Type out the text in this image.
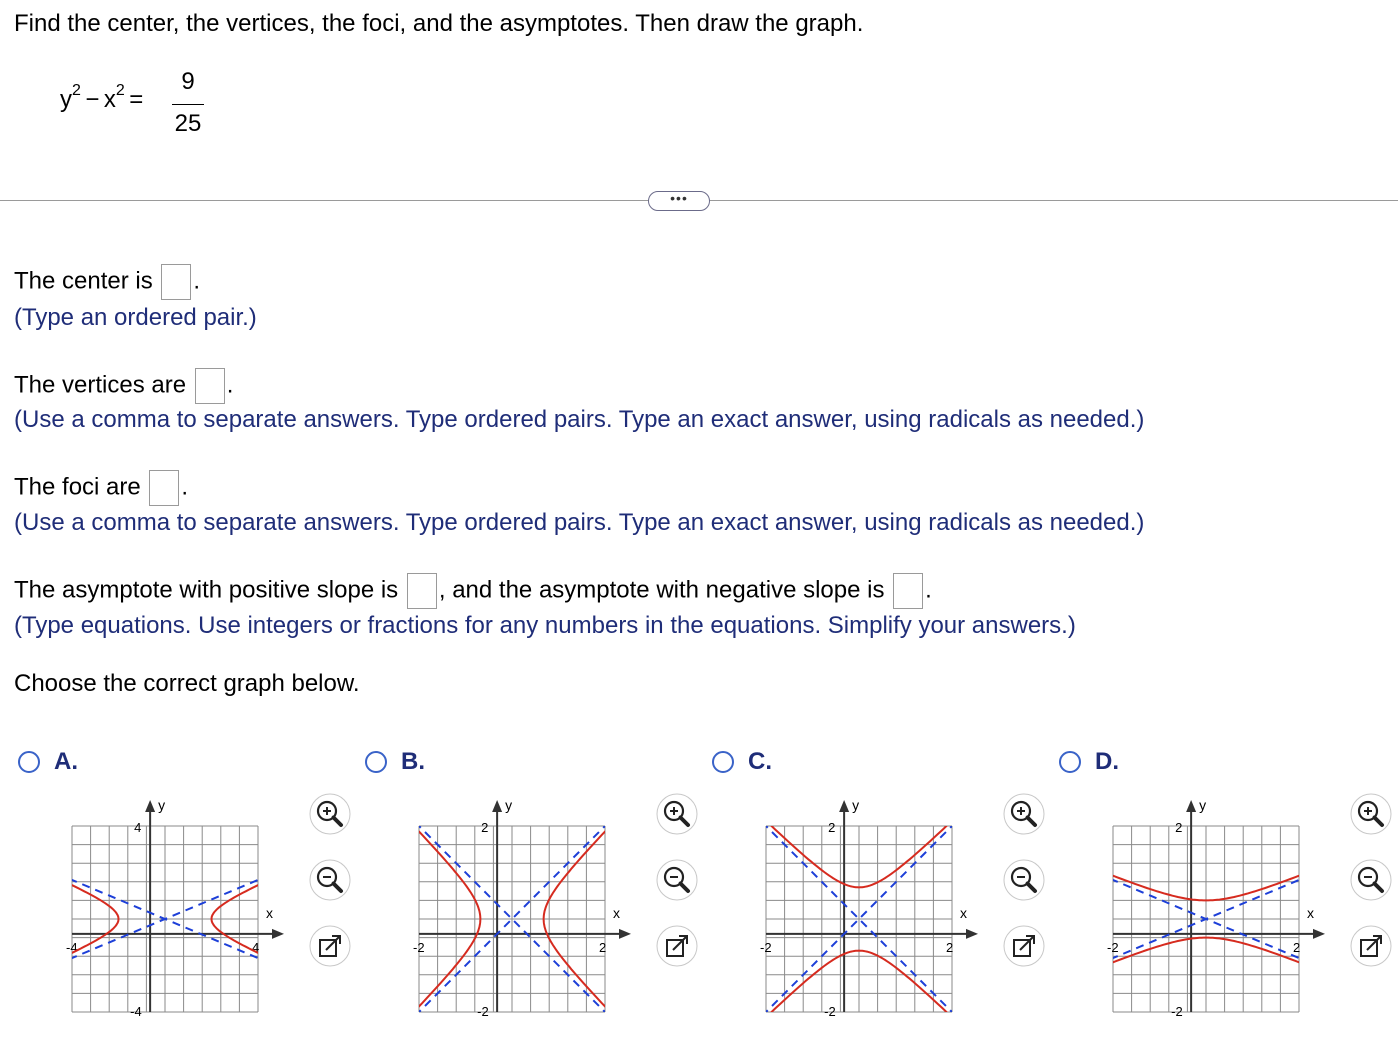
Find the center, the vertices, the foci, and the asymptotes. Then draw the graph.
y2 − x2 =
9
25
•••
The center is .
(Type an ordered pair.)
The vertices are .
(Use a comma to separate answers. Type ordered pairs. Type an exact answer, using radicals as needed.)
The foci are .
(Use a comma to separate answers. Type ordered pairs. Type an exact answer, using radicals as needed.)
The asymptote with positive slope is , and the asymptote with negative slope is .
(Type equations. Use integers or fractions for any numbers in the equations. Simplify your answers.)
Choose the correct graph below.
A.
y
x
4
-4
-4	4
B.
y
x
2
-2
-2	2
C.
y
x
2
-2
-2	2
D.
y
x
2
-2
-2	2
